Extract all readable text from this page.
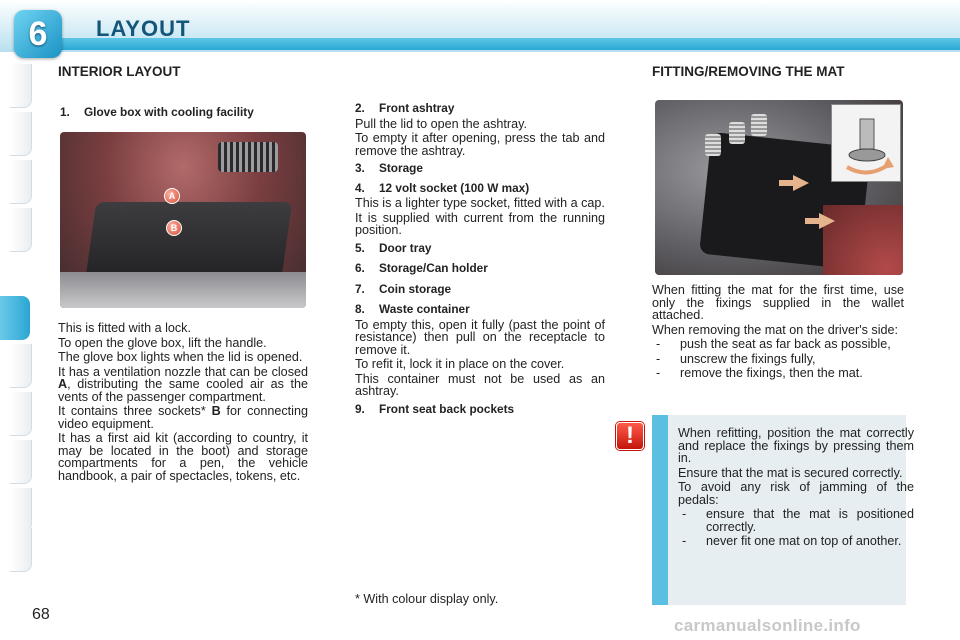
6 LAYOUT
INTERIOR LAYOUT
1. Glove box with cooling facility
A
B

This is fitted with a lock.

To open the glove box, lift the handle.

The glove box lights when the lid is opened.

It has a ventilation nozzle that can be closed A, distributing the same cooled air as the vents of the passenger compartment.

It contains three sockets* B for connecting video equipment.

It has a first aid kit (according to country, it may be located in the boot) and storage compartments for a pen, the vehicle handbook, a pair of spectacles, tokens, etc.

2. Front ashtray

Pull the lid to open the ashtray.

To empty it after opening, press the tab and remove the ashtray.

3. Storage
4. 12 volt socket (100 W max)

This is a lighter type socket, fitted with a cap.

It is supplied with current from the running position.

5. Door tray
6. Storage/Can holder
7. Coin storage
8. Waste container

To empty this, open it fully (past the point of resistance) then pull on the receptacle to remove it.

To refit it, lock it in place on the cover.

This container must not be used as an ashtray.

9. Front seat back pockets
* With colour display only.
FITTING/REMOVING THE MAT

When fitting the mat for the first time, use only the fixings supplied in the wallet attached.

When removing the mat on the driver's side:

- push the seat as far back as possible,
- unscrew the fixings fully,
- remove the fixings, then the mat.
!	When refitting, position the mat correctly and replace the fixings by pressing them in.

Ensure that the mat is secured correctly.

To avoid any risk of jamming of the pedals:

- ensure that the mat is positioned correctly.
- never fit one mat on top of another.
68
carmanualsonline.info
